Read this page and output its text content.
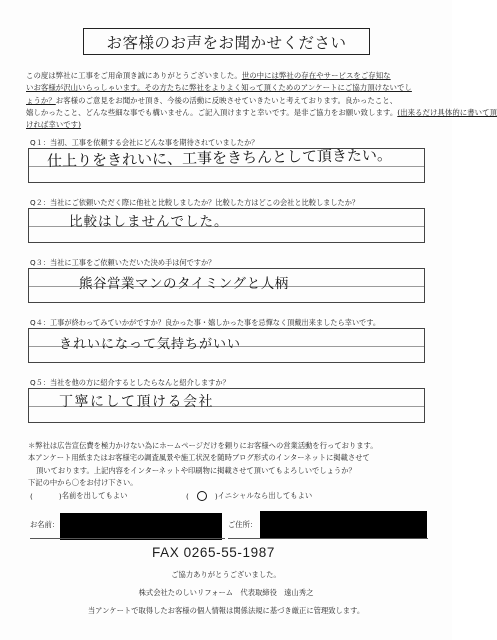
お客様のお声をお聞かせください
この度は弊社に工事をご用命頂き誠にありがとうございました。世の中には弊社の存在やサービスをご存知な
いお客様が沢山いらっしゃいます。その方たちに弊社をよりよく知って頂くためのアンケートにご協力頂けないでし
ょうか？お客様のご意見をお聞かせ頂き、今後の活動に反映させていきたいと考えております。良かったこと、
嬉しかったこと、どんな些細な事でも構いません。ご記入頂けますと幸いです。是非ご協力をお願い致します。(出来るだけ具体的に書いて頂
ければ幸いです)
Q１：当初、工事を依頼する会社にどんな事を期待されていましたか？
仕上りをきれいに、工事をきちんとして頂きたい。
Q２：当社にご依頼いただく際に他社と比較しましたか？比較した方はどこの会社と比較しましたか？
比較はしませんでした。
Q３：当社に工事をご依頼いただいた決め手は何ですか？
熊谷営業マンのタイミングと人柄
Q４：工事が終わってみていかがですか？良かった事・嬉しかった事を忌憚なく頂戴出来ましたら幸いです。
きれいになって気持ちがいい
Q５：当社を他の方に紹介するとしたらなんと紹介しますか？
丁寧にして頂ける会社
＊弊社は広告宣伝費を極力かけない為にホームページだけを頼りにお客様への営業活動を行っております。
本アンケート用紙またはお客様宅の調査風景や施工状況を随時ブログ形式のインターネットに掲載させて
頂いております。上記内容をインターネットや印刷物に掲載させて頂いてもよろしいでしょうか？
下記の中から〇をお付け下さい。
(	) 名前を出してもよい	(	) イニシャルなら出してもよい
お名前：	ご住所：
FAX 0265-55-1987
ご協力ありがとうございました。
株式会社たのしいリフォーム　代表取締役　遠山秀之
当アンケートで取得したお客様の個人情報は関係法規に基づき厳正に管理致します。
